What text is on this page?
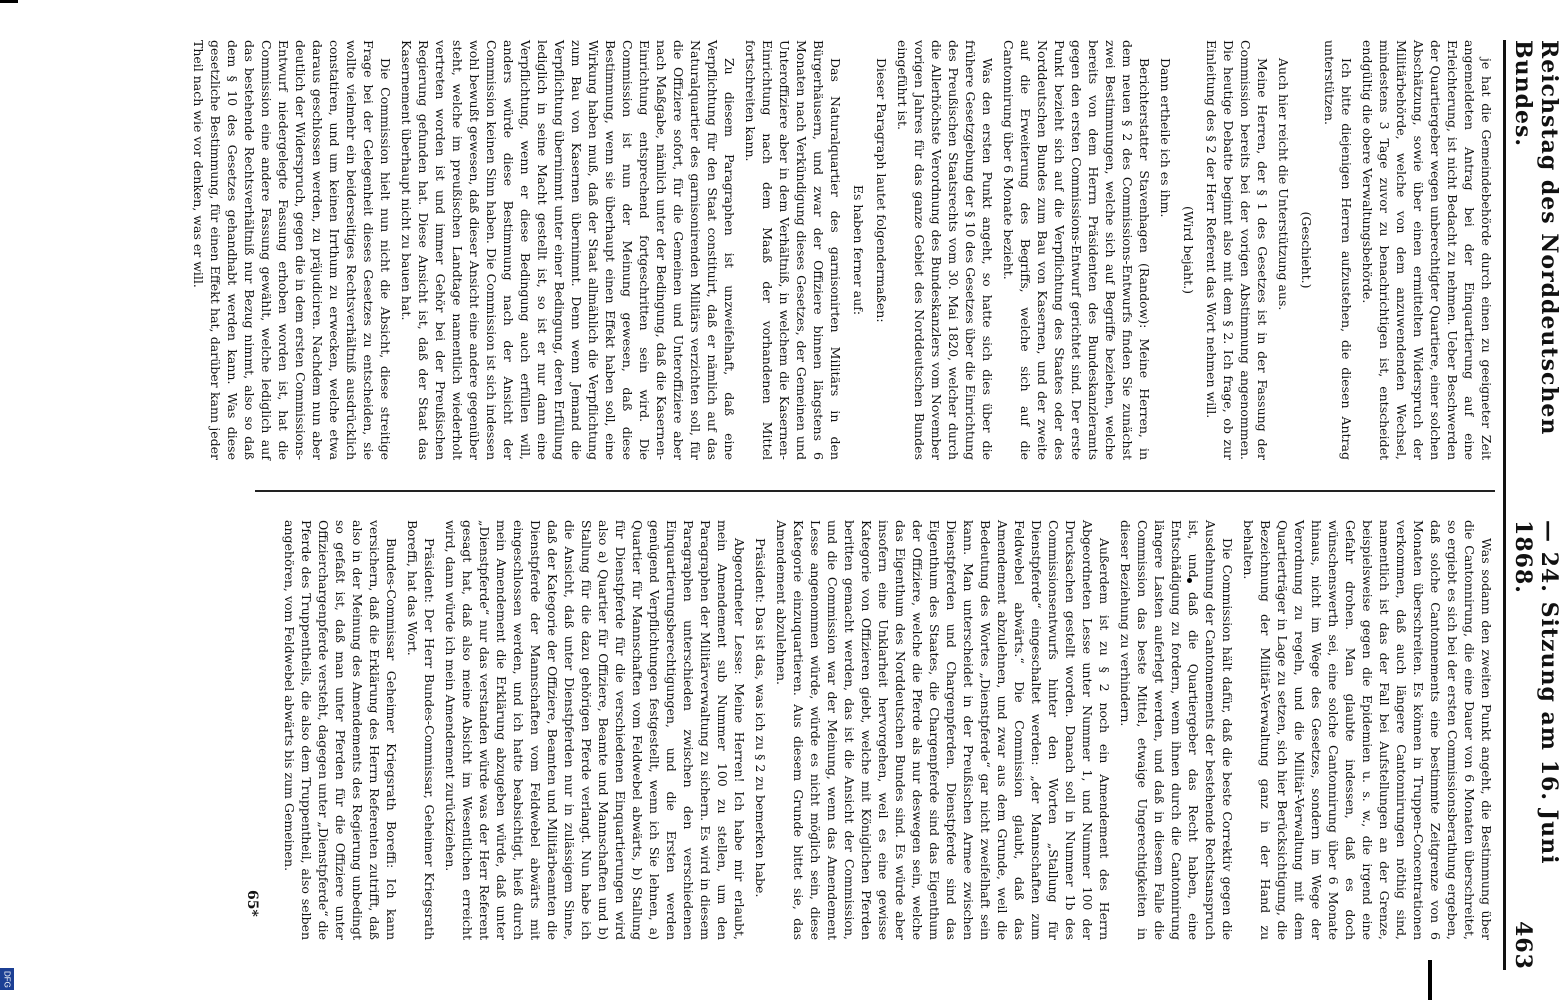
Reichstag des Norddeutschen Bundes.
— 24. Sitzung am 16. Juni 1868.
463

je hat die Gemeindebehörde durch einen zu geeigneter Zeit angemeldeten Antrag bei der Einquartierung auf eine Erleichterung, ist nicht Bedacht zu nehmen. Ueber Beschwerden der Quartiergeber wegen unberechtigter Quartiere, einer solchen Abschätzung, sowie über einen ermittelten Widerspruch der Militärbehörde, welche von dem anzuwendenden Wechsel, mindestens 3 Tage zuvor zu benachrichtigen ist, entscheidet endgültig die obere Verwaltungsbehörde.

Ich bitte diejenigen Herren aufzustehen, die diesen Antrag unterstützen.

(Geschieht.)

Auch hier reicht die Unterstützung aus.

Meine Herren, der § 1 des Gesetzes ist in der Fassung der Commission bereits bei der vorigen Abstimmung angenommen. Die heutige Debatte beginnt also mit dem § 2. Ich frage, ob zur Einleitung des § 2 der Herr Referent das Wort nehmen will.

(Wird bejaht.)

Dann ertheile ich es ihm.

Berichterstatter Stavenhagen (Randow): Meine Herren, in dem neuen § 2 des Commissions-Entwurfs finden Sie zunächst zwei Bestimmungen, welche sich auf Begriffe beziehen, welche bereits von dem Herrn Präsidenten des Bundeskanzleramts gegen den ersten Commissions-Entwurf gerichtet sind. Der erste Punkt bezieht sich auf die Verpflichtung des Staates oder des Norddeutschen Bundes zum Bau von Kasernen, und der zweite auf die Erweiterung des Begriffs, welche sich auf die Cantonnirung über 6 Monate bezieht.

Was den ersten Punkt angeht, so hatte sich dies über die frühere Gesetzgebung der § 10 des Gesetzes über die Einrichtung des Preußischen Staatsrechts vom 30. Mai 1820, welcher durch die Allerhöchste Verordnung des Bundeskanzlers vom November vorigen Jahres für das ganze Gebiet des Norddeutschen Bundes eingeführt ist.

Dieser Paragraph lautet folgendermaßen:

Es haben ferner auf:

Das Naturalquartier des garnisonirten Militärs in den Bürgerhäusern, und zwar der Offiziere binnen längstens 6 Monaten nach Verkündigung dieses Gesetzes, der Gemeinen und Unteroffiziere aber in dem Verhältniß, in welchem die Kasernen-Einrichtung nach dem Maaß der vorhandenen Mittel fortschreiten kann.

Zu diesem Paragraphen ist unzweifelhaft, daß eine Verpflichtung für den Staat constituirt, daß er nämlich auf das Naturalquartier des garnisonirenden Militärs verzichten soll, für die Offiziere sofort, für die Gemeinen und Unteroffiziere aber nach Maßgabe, nämlich unter der Bedingung, daß die Kasernen-Einrichtung entsprechend fortgeschritten sein wird. Die Commission ist nun der Meinung gewesen, daß diese Bestimmung, wenn sie überhaupt einen Effekt haben soll, eine Wirkung haben muß, daß der Staat allmählich die Verpflichtung zum Bau von Kasernen übernimmt. Denn wenn Jemand die Verpflichtung übernimmt unter einer Bedingung, deren Erfüllung lediglich in seine Macht gestellt ist, so ist er nur dann eine Verpflichtung, wenn er diese Bedingung auch erfüllen will, anders würde diese Bestimmung nach der Ansicht der Commission keinen Sinn haben. Die Commission ist sich indessen wohl bewußt gewesen, daß dieser Ansicht eine andere gegenüber steht, welche im preußischen Landtage namentlich wiederholt vertreten worden ist und immer Gehör bei der Preußischen Regierung gefunden hat. Diese Ansicht ist, daß der Staat das Kasernement überhaupt nicht zu bauen hat.

Die Commission hielt nun nicht die Absicht, diese streitige Frage bei der Gelegenheit dieses Gesetzes zu entscheiden, sie wollte vielmehr ein beiderseitiges Rechtsverhältniß ausdrücklich constatiren, und um keinen Irrthum zu erwecken, welche etwa daraus geschlossen werden, zu präjudiciren. Nachdem nun aber deutlich der Widerspruch, gegen die in dem ersten Commissions-Entwurf niedergelegte Fassung erhoben worden ist, hat die Commission eine andere Fassung gewählt, welche lediglich auf das bestehende Rechtsverhältniß nur Bezug nimmt, also so daß dem § 10 des Gesetzes gehandhabt werden kann. Was diese gesetzliche Bestimmung, für einen Effekt hat, darüber kann jeder Theil nach wie vor denken, was er will.

Was sodann den zweiten Punkt angeht, die Bestimmung über die Cantonnirung, die eine Dauer von 6 Monaten überschreitet, so ergiebt es sich bei der ersten Commissionsberathung ergeben, daß solche Cantonnements eine bestimmte Zeitgrenze von 6 Monaten überschreiten. Es können in Truppen-Concentrationen verkommen, daß auch längere Cantonnirungen nöthig sind, namentlich ist das der Fall bei Aufstellungen an der Grenze, beispielsweise gegen die Epidemien u. s. w., die irgend eine Gefahr drohen. Man glaubte indessen, daß es doch wünschenswerth sei, eine solche Cantonnirung über 6 Monate hinaus, nicht im Wege des Gesetzes, sondern im Wege der Verordnung zu regeln, und die Militär-Verwaltung mit dem Quartierträger in Lage zu setzen, sich hier Berücksichtigung, die Bezeichnung der Militär-Verwaltung ganz in der Hand zu behalten.

Die Commission hält dafür, daß die beste Correktiv gegen die Ausdehnung der Cantonnements der bestehende Rechtsanspruch ist, und daß die Quartiergeber das Recht haben, eine Entschädigung zu fordern, wenn ihnen durch die Cantonnirung längere Lasten auferlegt werden, und daß in diesem Falle die Commission das beste Mittel, etwaige Ungerechtigkeiten in dieser Beziehung zu verhindern.

Außerdem ist zu § 2 noch ein Amendement des Herrn Abgeordneten Lesse unter Nummer 1, und Nummer 100 der Drucksachen gestellt worden. Danach soll in Nummer 1b des Commissionsentwurfs hinter den Worten „Stallung für Dienstpferde“ eingeschaltet werden: „der Mannschaften zum Feldwebel abwärts.“ Die Commission glaubt, daß das Amendement abzulehnen, und zwar aus dem Grunde, weil die Bedeutung des Wortes „Dienstpferde“ gar nicht zweifelhaft sein kann. Man unterscheidet in der Preußischen Armee zwischen Dienstpferden und Chargenpferden. Dienstpferde sind das Eigenthum des Staates, die Chargenpferde sind das Eigenthum der Offiziere, welche die Pferde als nur deswegen sein, welche das Eigenthum des Norddeutschen Bundes sind. Es würde aber insofern eine Unklarheit hervorgehen, weil es eine gewisse Kategorie von Offizieren giebt, welche mit Königlichen Pferden beritten gemacht werden, das ist die Ansicht der Commission, und die Commission war der Meinung, wenn das Amendement Lesse angenommen würde, würde es nicht möglich sein, diese Kategorie einzuquartieren. Aus diesem Grunde bittet sie, das Amendement abzulehnen.

Präsident: Das ist das, was ich zu § 2 zu bemerken habe.

Abgeordneter Lesse: Meine Herren! Ich habe mir erlaubt, mein Amendement sub Nummer 100 zu stellen, um den Paragraphen der Militärverwaltung zu sichern. Es wird in diesem Paragraphen unterschieden zwischen den verschiedenen Einquartierungsberechtigungen, und die Ersten werden genügend Verpflichtungen festgestellt, wenn ich Sie lehnen, a) Quartier für Mannschaften vom Feldwebel abwärts, b) Stallung für Dienstpferde für die verschiedenen Einquartierungen wird also a) Quartier für Offiziere, Beamte und Mannschaften und b) Stallung für die dazu gehörigen Pferde verlangt. Nun habe ich die Ansicht, daß unter Dienstpferden nur in zulässigem Sinne, daß der Kategorie der Offiziere, Beamten und Militärbeamten die Dienstpferde der Mannschaften vom Feldwebel abwärts mit eingeschlossen werden, und ich hatte beabsichtigt, hieß durch mein Amendement die Erklärung abzugeben würde, daß unter „Dienstpferde“ nur das verstanden würde was der Herr Referent gesagt hat, daß also meine Absicht im Wesentlichen erreicht wird, dann würde ich mein Amendement zurückziehen.

Präsident: Der Herr Bundes-Commissar, Geheimer Kriegsrath Boreffi, hat das Wort.

Bundes-Commissar Geheimer Kriegsrath Boreffi: Ich kann versichern, daß die Erklärung des Herrn Referenten zutrifft, daß also in der Meinung des Amendements des Regierung unbedingt so gefaßt ist, daß man unter Pferden für die Offiziere unter Offizierchargenpferde versteht, dagegen unter „Dienstpferde“ die Pferde des Truppentheils, die also dem Truppentheil, also selben angehören, vom Feldwebel abwärts bis zum Gemeinen.

65*
DFG
